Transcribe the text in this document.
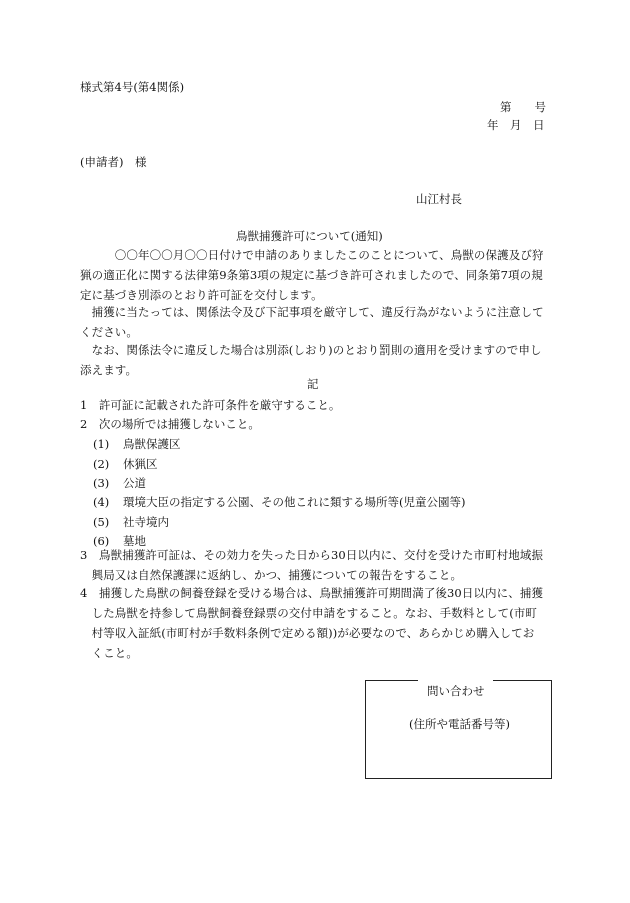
様式第4号(第4関係)
第　　号
年　月　日
(申請者)　様
山江村長
鳥獣捕獲許可について(通知)
　　　〇〇年〇〇月〇〇日付けで申請のありましたこのことについて、鳥獣の保護及び狩
猟の適正化に関する法律第9条第3項の規定に基づき許可されましたので、同条第7項の規
定に基づき別添のとおり許可証を交付します。
　捕獲に当たっては、関係法令及び下記事項を厳守して、違反行為がないように注意して
ください。
　なお、関係法令に違反した場合は別添(しおり)のとおり罰則の適用を受けますので申し
添えます。
記
1　許可証に記載された許可条件を厳守すること。
2　次の場所では捕獲しないこと。
(1) 鳥獣保護区
(2) 休猟区
(3) 公道
(4) 環境大臣の指定する公園、その他これに類する場所等(児童公園等)
(5) 社寺境内
(6) 墓地
3　鳥獣捕獲許可証は、その効力を失った日から30日以内に、交付を受けた市町村地域振
　興局又は自然保護課に返納し、かつ、捕獲についての報告をすること。
4　捕獲した鳥獣の飼養登録を受ける場合は、鳥獣捕獲許可期間満了後30日以内に、捕獲
　した鳥獣を持参して鳥獣飼養登録票の交付申請をすること。なお、手数料として(市町
　村等収入証紙(市町村が手数料条例で定める額))が必要なので、あらかじめ購入してお
　くこと。
問い合わせ
(住所や電話番号等)
